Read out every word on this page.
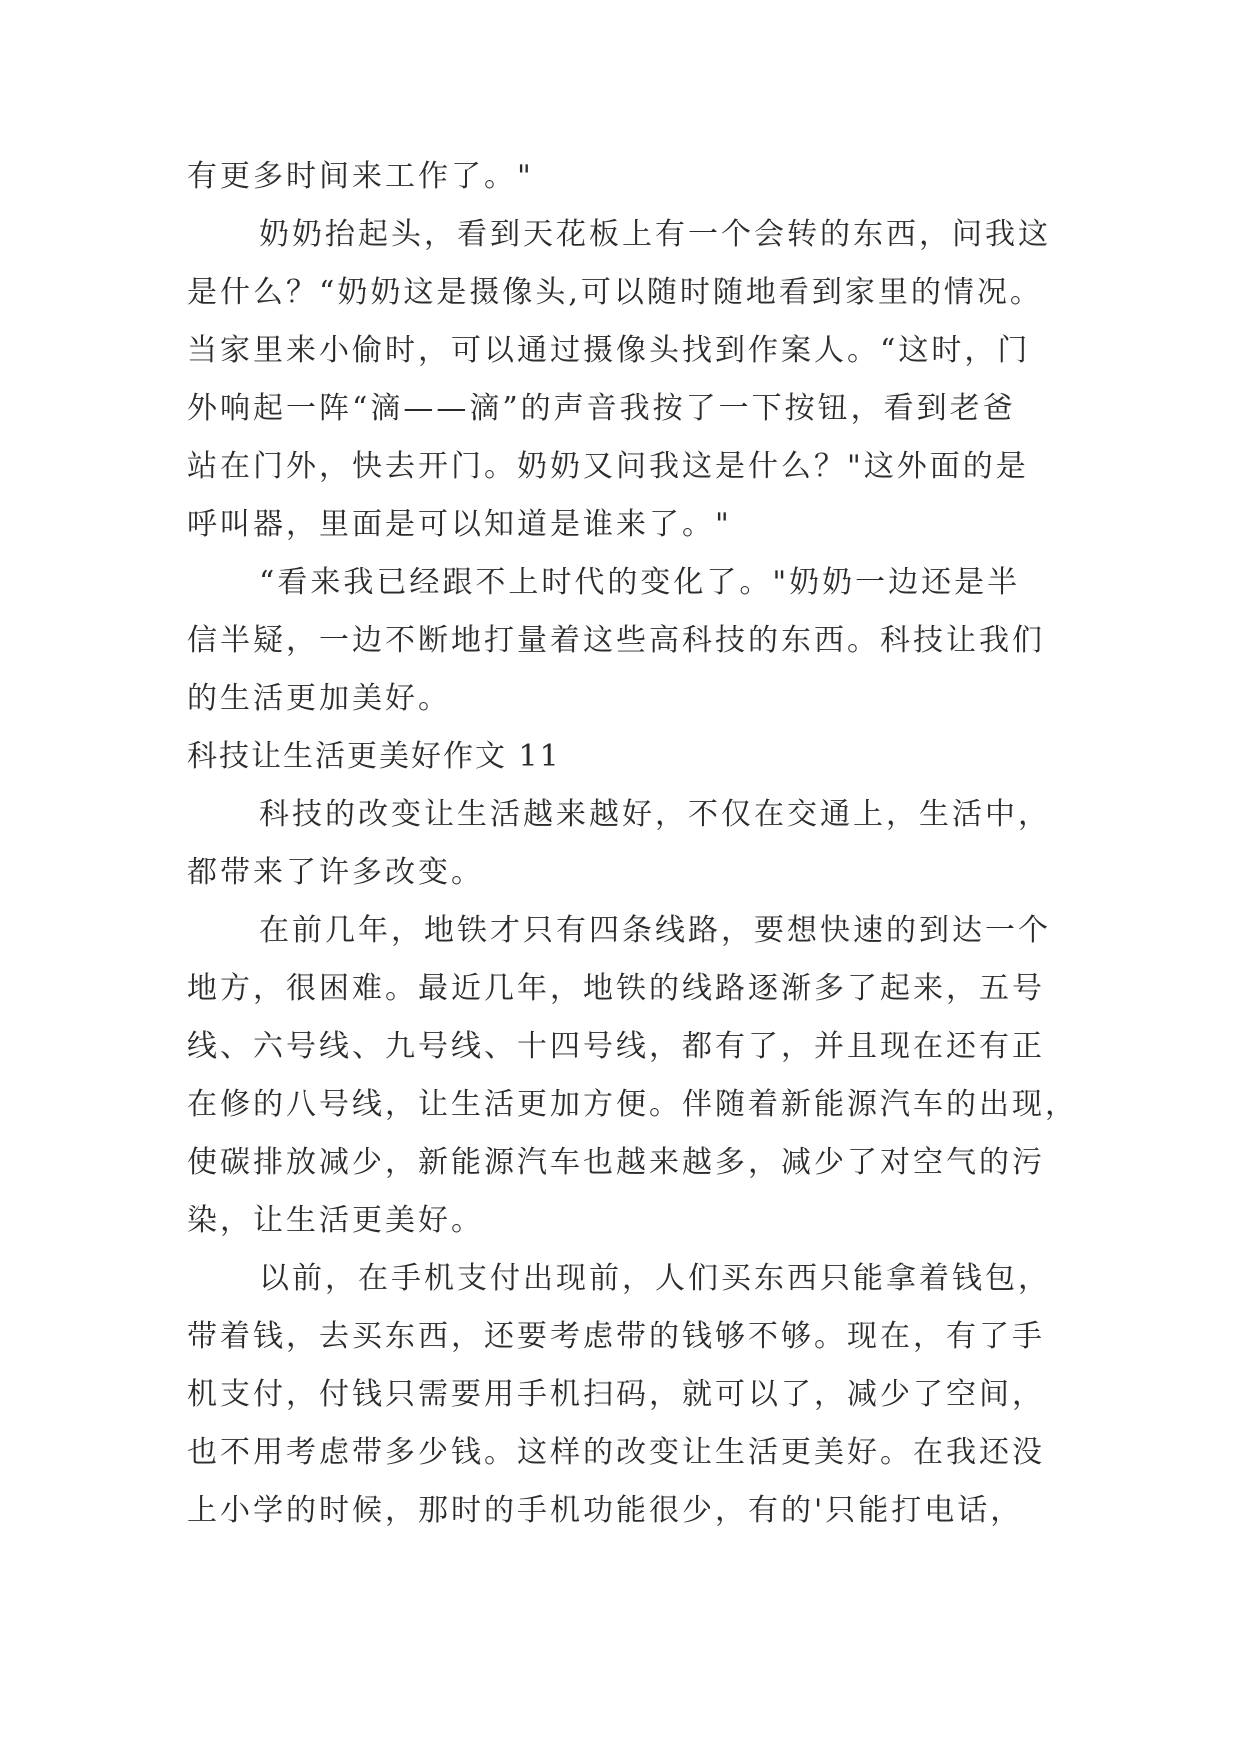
有更多时间来工作了。"
奶奶抬起头，看到天花板上有一个会转的东西，问我这
是什么？“奶奶这是摄像头,可以随时随地看到家里的情况。
当家里来小偷时，可以通过摄像头找到作案人。“这时，门
外响起一阵“滴——滴”的声音我按了一下按钮，看到老爸
站在门外，快去开门。奶奶又问我这是什么？"这外面的是
呼叫器，里面是可以知道是谁来了。"
“看来我已经跟不上时代的变化了。"奶奶一边还是半
信半疑，一边不断地打量着这些高科技的东西。科技让我们
的生活更加美好。
科技让生活更美好作文 11
科技的改变让生活越来越好，不仅在交通上，生活中，
都带来了许多改变。
在前几年，地铁才只有四条线路，要想快速的到达一个
地方，很困难。最近几年，地铁的线路逐渐多了起来，五号
线、六号线、九号线、十四号线，都有了，并且现在还有正
在修的八号线，让生活更加方便。伴随着新能源汽车的出现，
使碳排放减少，新能源汽车也越来越多，减少了对空气的污
染，让生活更美好。
以前，在手机支付出现前，人们买东西只能拿着钱包，
带着钱，去买东西，还要考虑带的钱够不够。现在，有了手
机支付，付钱只需要用手机扫码，就可以了，减少了空间，
也不用考虑带多少钱。这样的改变让生活更美好。在我还没
上小学的时候，那时的手机功能很少，有的'只能打电话，
